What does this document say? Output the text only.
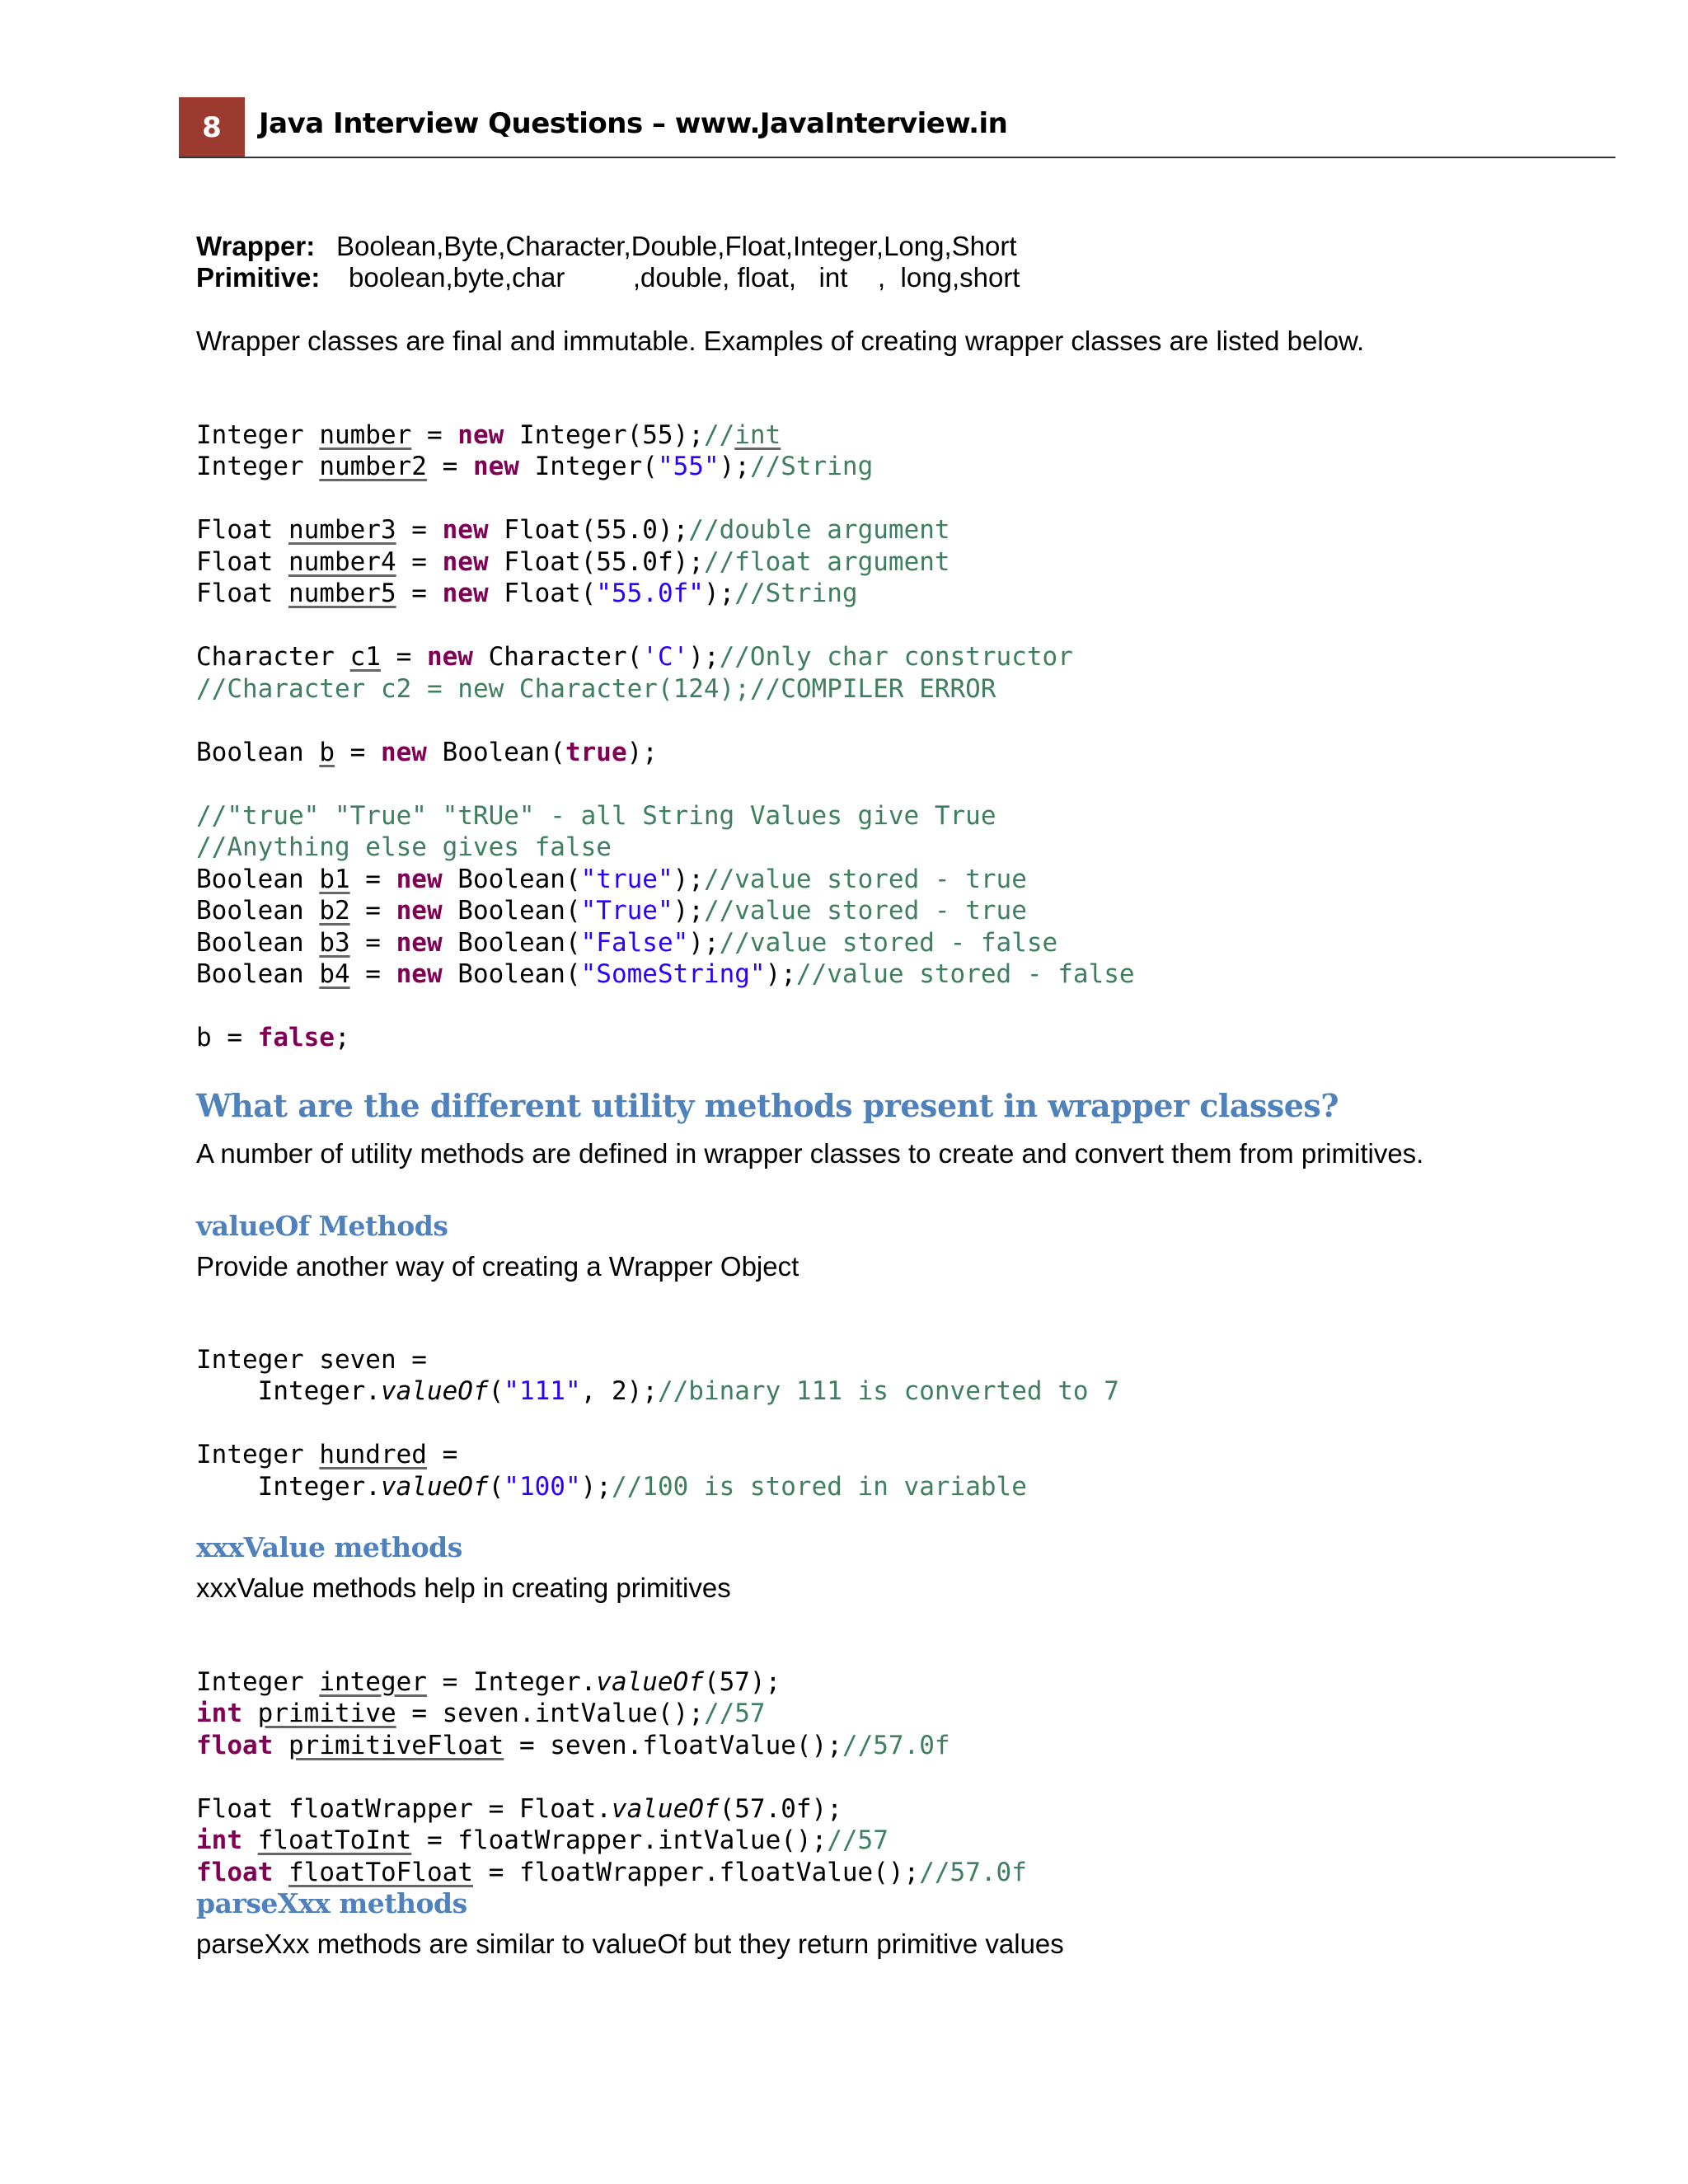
8	Java Interview Questions – www.JavaInterview.in
Wrapper: Boolean,Byte,Character,Double,Float,Integer,Long,Short
Primitive: boolean,byte,char         ,double, float,   int    ,  long,short
Wrapper classes are final and immutable. Examples of creating wrapper classes are listed below.

Integer number = new Integer(55);//int
Integer number2 = new Integer("55");//String

Float number3 = new Float(55.0);//double argument
Float number4 = new Float(55.0f);//float argument
Float number5 = new Float("55.0f");//String

Character c1 = new Character('C');//Only char constructor
//Character c2 = new Character(124);//COMPILER ERROR

Boolean b = new Boolean(true);

//"true" "True" "tRUe" - all String Values give True
//Anything else gives false
Boolean b1 = new Boolean("true");//value stored - true
Boolean b2 = new Boolean("True");//value stored - true
Boolean b3 = new Boolean("False");//value stored - false
Boolean b4 = new Boolean("SomeString");//value stored - false

b = false;

What are the different utility methods present in wrapper classes?
A number of utility methods are defined in wrapper classes to create and convert them from primitives.
valueOf Methods
Provide another way of creating a Wrapper Object

Integer seven =
Integer.valueOf("111", 2);//binary 111 is converted to 7

Integer hundred =
Integer.valueOf("100");//100 is stored in variable

xxxValue methods
xxxValue methods help in creating primitives

Integer integer = Integer.valueOf(57);
int primitive = seven.intValue();//57
float primitiveFloat = seven.floatValue();//57.0f

Float floatWrapper = Float.valueOf(57.0f);
int floatToInt = floatWrapper.intValue();//57
float floatToFloat = floatWrapper.floatValue();//57.0f

parseXxx methods
parseXxx methods are similar to valueOf but they return primitive values
